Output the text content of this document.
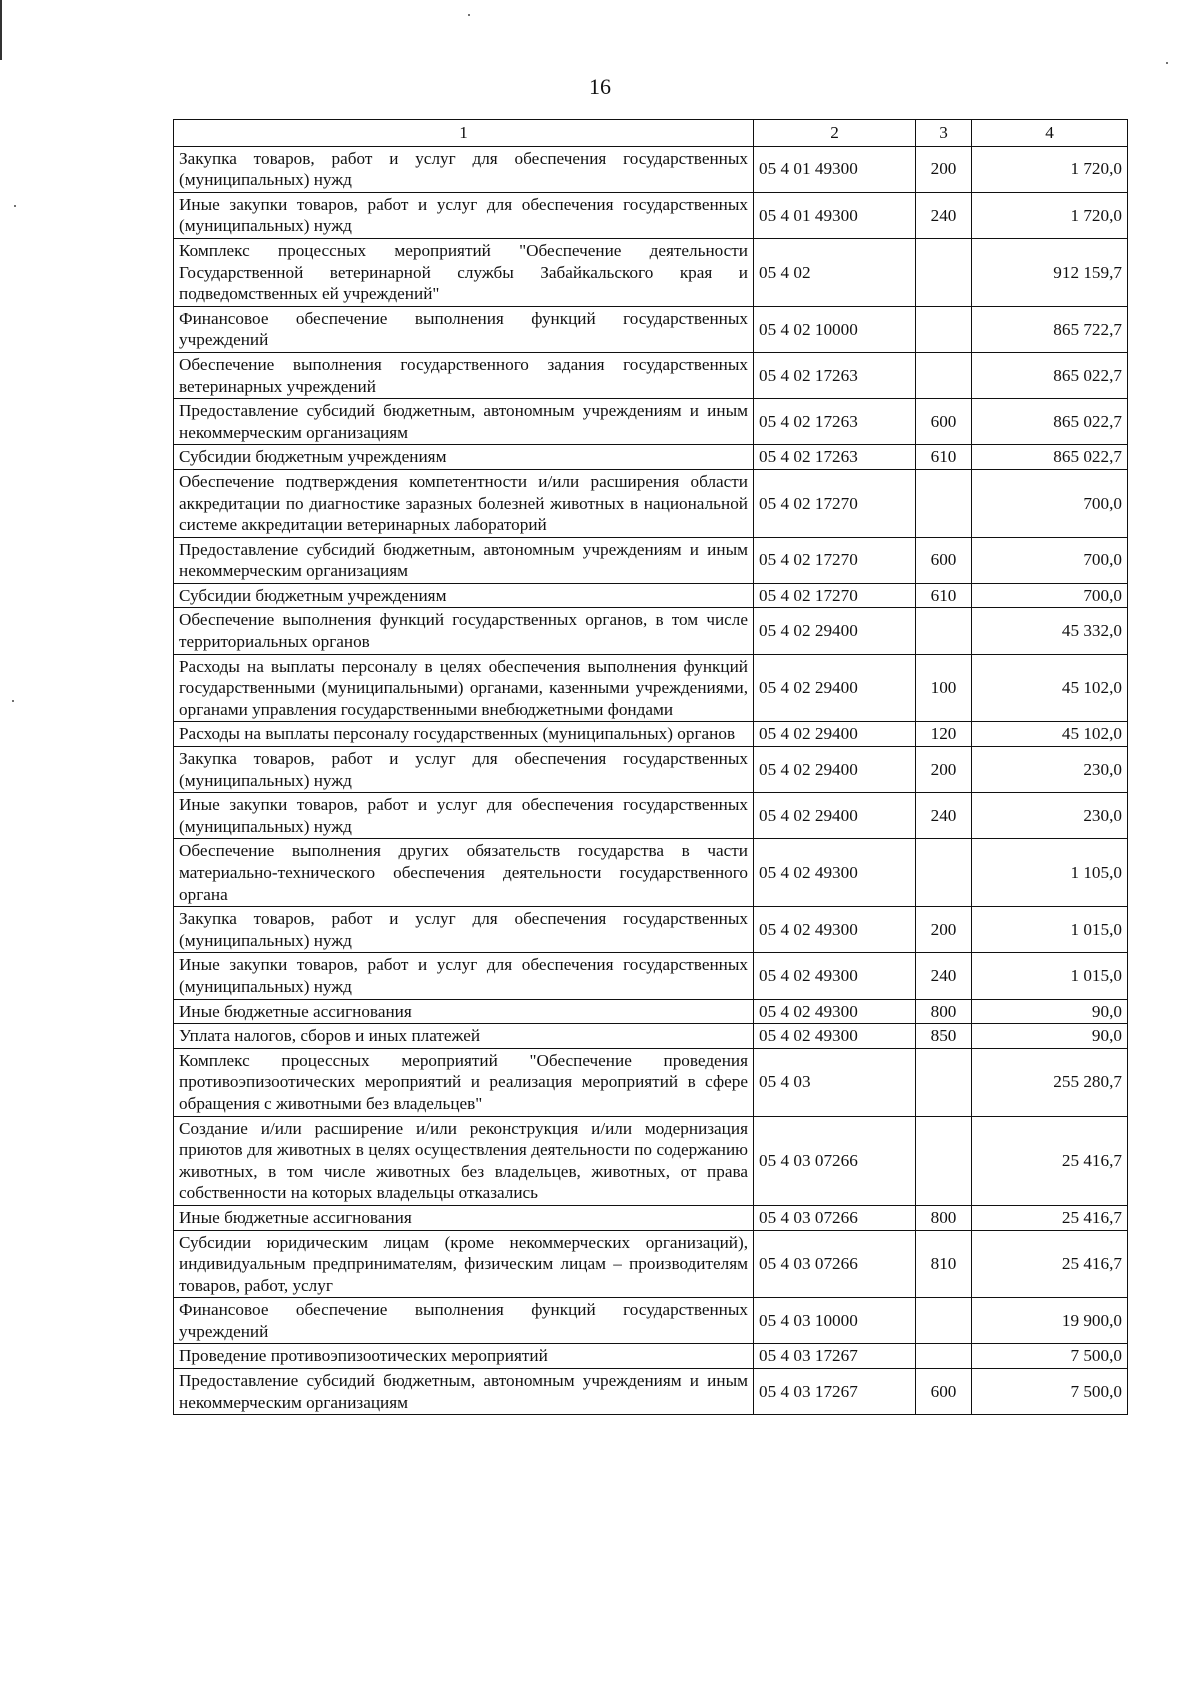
16
1	2	3	4
Закупка товаров, работ и услуг для обеспечения государственных (муниципальных) нужд	05 4 01 49300	200	1 720,0
Иные закупки товаров, работ и услуг для обеспечения государственных (муниципальных) нужд	05 4 01 49300	240	1 720,0
Комплекс процессных мероприятий "Обеспечение деятельности Государственной ветеринарной службы Забайкальского края и подведомственных ей учреждений"	05 4 02		912 159,7
Финансовое обеспечение выполнения функций государственных учреждений	05 4 02 10000		865 722,7
Обеспечение выполнения государственного задания государственных ветеринарных учреждений	05 4 02 17263		865 022,7
Предоставление субсидий бюджетным, автономным учреждениям и иным некоммерческим организациям	05 4 02 17263	600	865 022,7
Субсидии бюджетным учреждениям	05 4 02 17263	610	865 022,7
Обеспечение подтверждения компетентности и/или расширения области аккредитации по диагностике заразных болезней животных в национальной системе аккредитации ветеринарных лабораторий	05 4 02 17270		700,0
Предоставление субсидий бюджетным, автономным учреждениям и иным некоммерческим организациям	05 4 02 17270	600	700,0
Субсидии бюджетным учреждениям	05 4 02 17270	610	700,0
Обеспечение выполнения функций государственных органов, в том числе территориальных органов	05 4 02 29400		45 332,0
Расходы на выплаты персоналу в целях обеспечения выполнения функций государственными (муниципальными) органами, казенными учреждениями, органами управления государственными внебюджетными фондами	05 4 02 29400	100	45 102,0
Расходы на выплаты персоналу государственных (муниципальных) органов	05 4 02 29400	120	45 102,0
Закупка товаров, работ и услуг для обеспечения государственных (муниципальных) нужд	05 4 02 29400	200	230,0
Иные закупки товаров, работ и услуг для обеспечения государственных (муниципальных) нужд	05 4 02 29400	240	230,0
Обеспечение выполнения других обязательств государства в части материально-технического обеспечения деятельности государственного органа	05 4 02 49300		1 105,0
Закупка товаров, работ и услуг для обеспечения государственных (муниципальных) нужд	05 4 02 49300	200	1 015,0
Иные закупки товаров, работ и услуг для обеспечения государственных (муниципальных) нужд	05 4 02 49300	240	1 015,0
Иные бюджетные ассигнования	05 4 02 49300	800	90,0
Уплата налогов, сборов и иных платежей	05 4 02 49300	850	90,0
Комплекс процессных мероприятий "Обеспечение проведения противоэпизоотических мероприятий и реализация мероприятий в сфере обращения с животными без владельцев"	05 4 03		255 280,7
Создание и/или расширение и/или реконструкция и/или модернизация приютов для животных в целях осуществления деятельности по содержанию животных, в том числе животных без владельцев, животных, от права собственности на которых владельцы отказались	05 4 03 07266		25 416,7
Иные бюджетные ассигнования	05 4 03 07266	800	25 416,7
Субсидии юридическим лицам (кроме некоммерческих организаций), индивидуальным предпринимателям, физическим лицам – производителям товаров, работ, услуг	05 4 03 07266	810	25 416,7
Финансовое обеспечение выполнения функций государственных учреждений	05 4 03 10000		19 900,0
Проведение противоэпизоотических мероприятий	05 4 03 17267		7 500,0
Предоставление субсидий бюджетным, автономным учреждениям и иным некоммерческим организациям	05 4 03 17267	600	7 500,0
